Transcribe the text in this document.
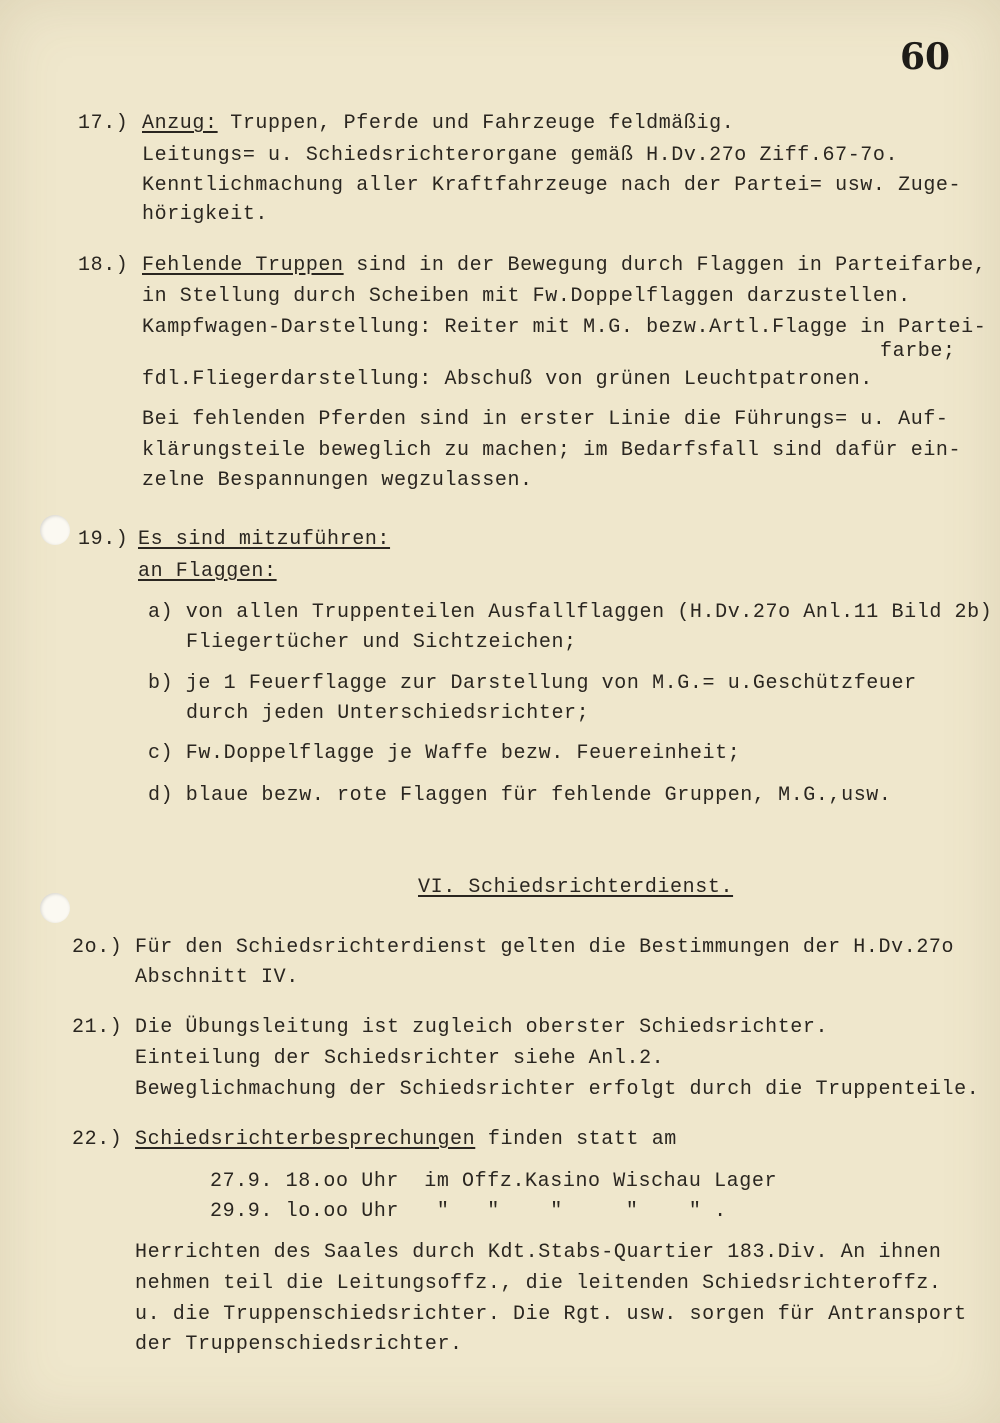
60
17.) Anzug: Truppen, Pferde und Fahrzeuge feldmäßig.
Leitungs= u. Schiedsrichterorgane gemäß H.Dv.27o Ziff.67-7o.
Kenntlichmachung aller Kraftfahrzeuge nach der Partei= usw. Zuge-
hörigkeit.
18.) Fehlende Truppen sind in der Bewegung durch Flaggen in Parteifarbe,
in Stellung durch Scheiben mit Fw.Doppelflaggen darzustellen.
Kampfwagen-Darstellung: Reiter mit M.G. bezw.Artl.Flagge in Partei-
farbe;
fdl.Fliegerdarstellung: Abschuß von grünen Leuchtpatronen.
Bei fehlenden Pferden sind in erster Linie die Führungs= u. Auf-
klärungsteile beweglich zu machen; im Bedarfsfall sind dafür ein-
zelne Bespannungen wegzulassen.
19.) Es sind mitzuführen:
an Flaggen:
a) von allen Truppenteilen Ausfallflaggen (H.Dv.27o Anl.11 Bild 2b)
Fliegertücher und Sichtzeichen;
b) je 1 Feuerflagge zur Darstellung von M.G.= u.Geschützfeuer
durch jeden Unterschiedsrichter;
c) Fw.Doppelflagge je Waffe bezw. Feuereinheit;
d) blaue bezw. rote Flaggen für fehlende Gruppen, M.G.,usw.
VI. Schiedsrichterdienst.
2o.) Für den Schiedsrichterdienst gelten die Bestimmungen der H.Dv.27o
Abschnitt IV.
21.) Die Übungsleitung ist zugleich oberster Schiedsrichter.
Einteilung der Schiedsrichter siehe Anl.2.
Beweglichmachung der Schiedsrichter erfolgt durch die Truppenteile.
22.) Schiedsrichterbesprechungen finden statt am
27.9. 18.oo Uhr  im Offz.Kasino Wischau Lager
29.9. lo.oo Uhr   "   "    "     "    " .
Herrichten des Saales durch Kdt.Stabs-Quartier 183.Div. An ihnen
nehmen teil die Leitungsoffz., die leitenden Schiedsrichteroffz.
u. die Truppenschiedsrichter. Die Rgt. usw. sorgen für Antransport
der Truppenschiedsrichter.
